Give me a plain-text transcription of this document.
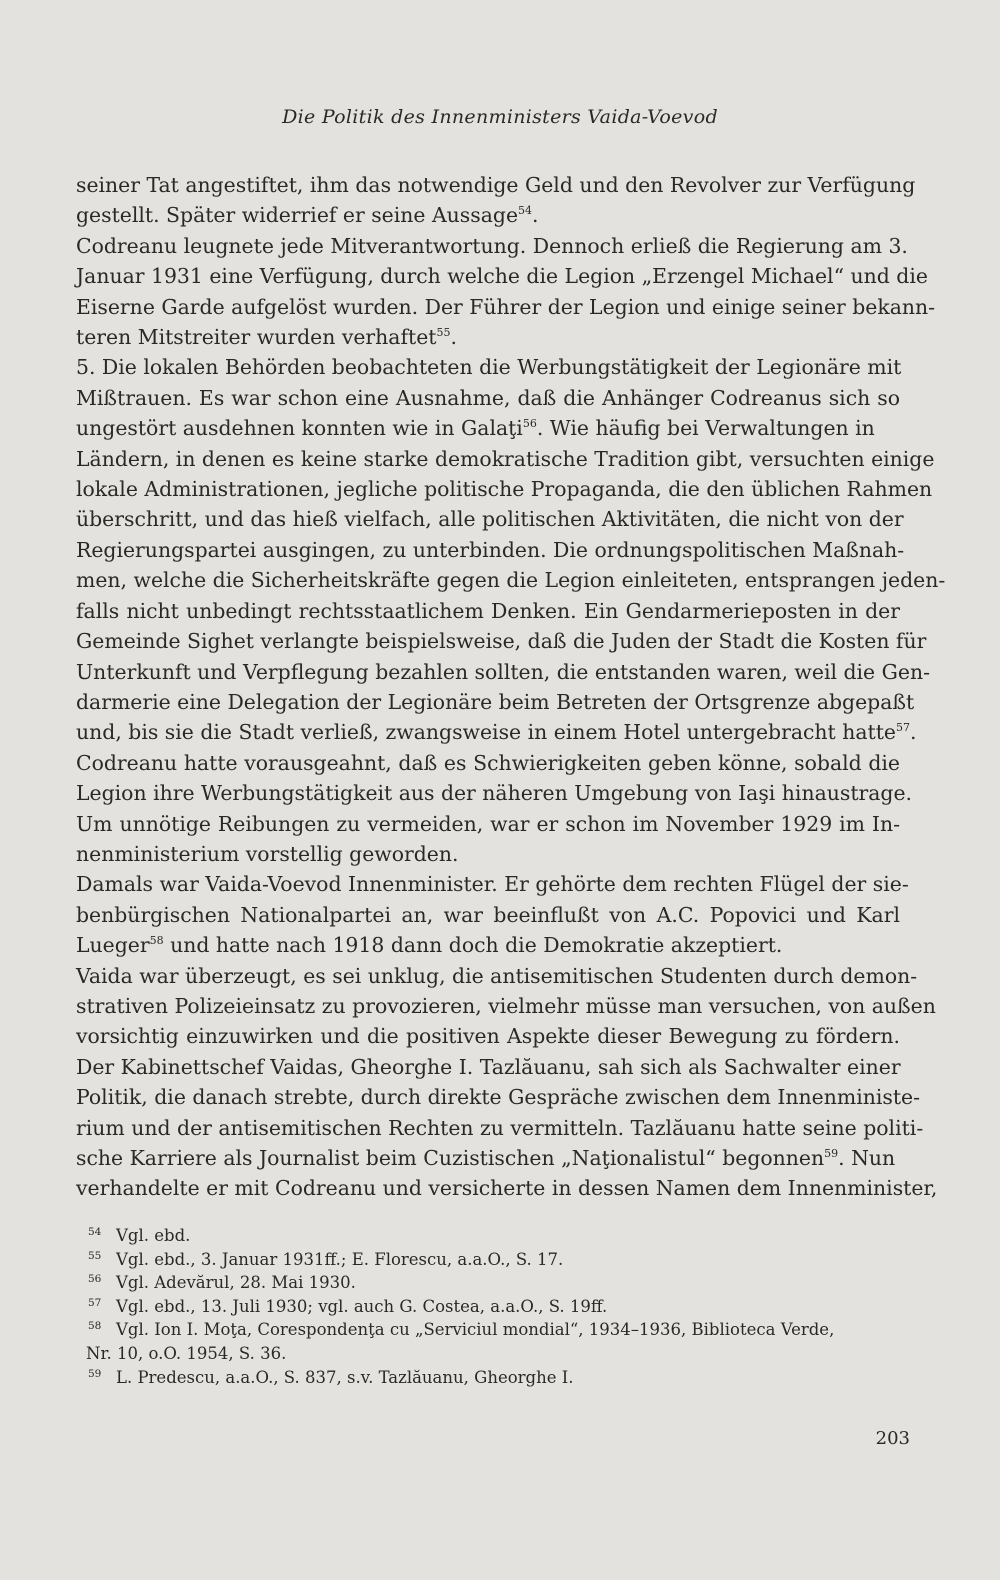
Die Politik des Innenministers Vaida-Voevod
seiner Tat angestiftet, ihm das notwendige Geld und den Revolver zur Verfügung
gestellt. Später widerrief er seine Aussage$^{54}$.
Codreanu leugnete jede Mitverantwortung. Dennoch erließ die Regierung am 3.
Januar 1931 eine Verfügung, durch welche die Legion „Erzengel Michael“ und die
Eiserne Garde aufgelöst wurden. Der Führer der Legion und einige seiner bekann-
teren Mitstreiter wurden verhaftet$^{55}$.
5. Die lokalen Behörden beobachteten die Werbungstätigkeit der Legionäre mit
Mißtrauen. Es war schon eine Ausnahme, daß die Anhänger Codreanus sich so
ungestört ausdehnen konnten wie in Galaţi$^{56}$. Wie häufig bei Verwaltungen in
Ländern, in denen es keine starke demokratische Tradition gibt, versuchten einige
lokale Administrationen, jegliche politische Propaganda, die den üblichen Rahmen
überschritt, und das hieß vielfach, alle politischen Aktivitäten, die nicht von der
Regierungspartei ausgingen, zu unterbinden. Die ordnungspolitischen Maßnah-
men, welche die Sicherheitskräfte gegen die Legion einleiteten, entsprangen jeden-
falls nicht unbedingt rechtsstaatlichem Denken. Ein Gendarmerieposten in der
Gemeinde Sighet verlangte beispielsweise, daß die Juden der Stadt die Kosten für
Unterkunft und Verpflegung bezahlen sollten, die entstanden waren, weil die Gen-
darmerie eine Delegation der Legionäre beim Betreten der Ortsgrenze abgepaßt
und, bis sie die Stadt verließ, zwangsweise in einem Hotel untergebracht hatte$^{57}$.
Codreanu hatte vorausgeahnt, daß es Schwierigkeiten geben könne, sobald die
Legion ihre Werbungstätigkeit aus der näheren Umgebung von Iaşi hinaustrage.
Um unnötige Reibungen zu vermeiden, war er schon im November 1929 im In-
nenministerium vorstellig geworden.
Damals war Vaida-Voevod Innenminister. Er gehörte dem rechten Flügel der sie-
benbürgischen Nationalpartei an, war beeinflußt von A.C. Popovici und Karl
Lueger$^{58}$ und hatte nach 1918 dann doch die Demokratie akzeptiert.
Vaida war überzeugt, es sei unklug, die antisemitischen Studenten durch demon-
strativen Polizeieinsatz zu provozieren, vielmehr müsse man versuchen, von außen
vorsichtig einzuwirken und die positiven Aspekte dieser Bewegung zu fördern.
Der Kabinettschef Vaidas, Gheorghe I. Tazlăuanu, sah sich als Sachwalter einer
Politik, die danach strebte, durch direkte Gespräche zwischen dem Innenministe-
rium und der antisemitischen Rechten zu vermitteln. Tazlăuanu hatte seine politi-
sche Karriere als Journalist beim Cuzistischen „Naţionalistul“ begonnen$^{59}$. Nun
verhandelte er mit Codreanu und versicherte in dessen Namen dem Innenminister,
54 Vgl. ebd.
55 Vgl. ebd., 3. Januar 1931ff.; E. Florescu, a.a.O., S. 17.
56 Vgl. Adevărul, 28. Mai 1930.
57 Vgl. ebd., 13. Juli 1930; vgl. auch G. Costea, a.a.O., S. 19ff.
58 Vgl. Ion I. Moţa, Corespondenţa cu „Serviciul mondial“, 1934–1936, Biblioteca Verde,
Nr. 10, o.O. 1954, S. 36.
59 L. Predescu, a.a.O., S. 837, s.v. Tazlăuanu, Gheorghe I.
203
